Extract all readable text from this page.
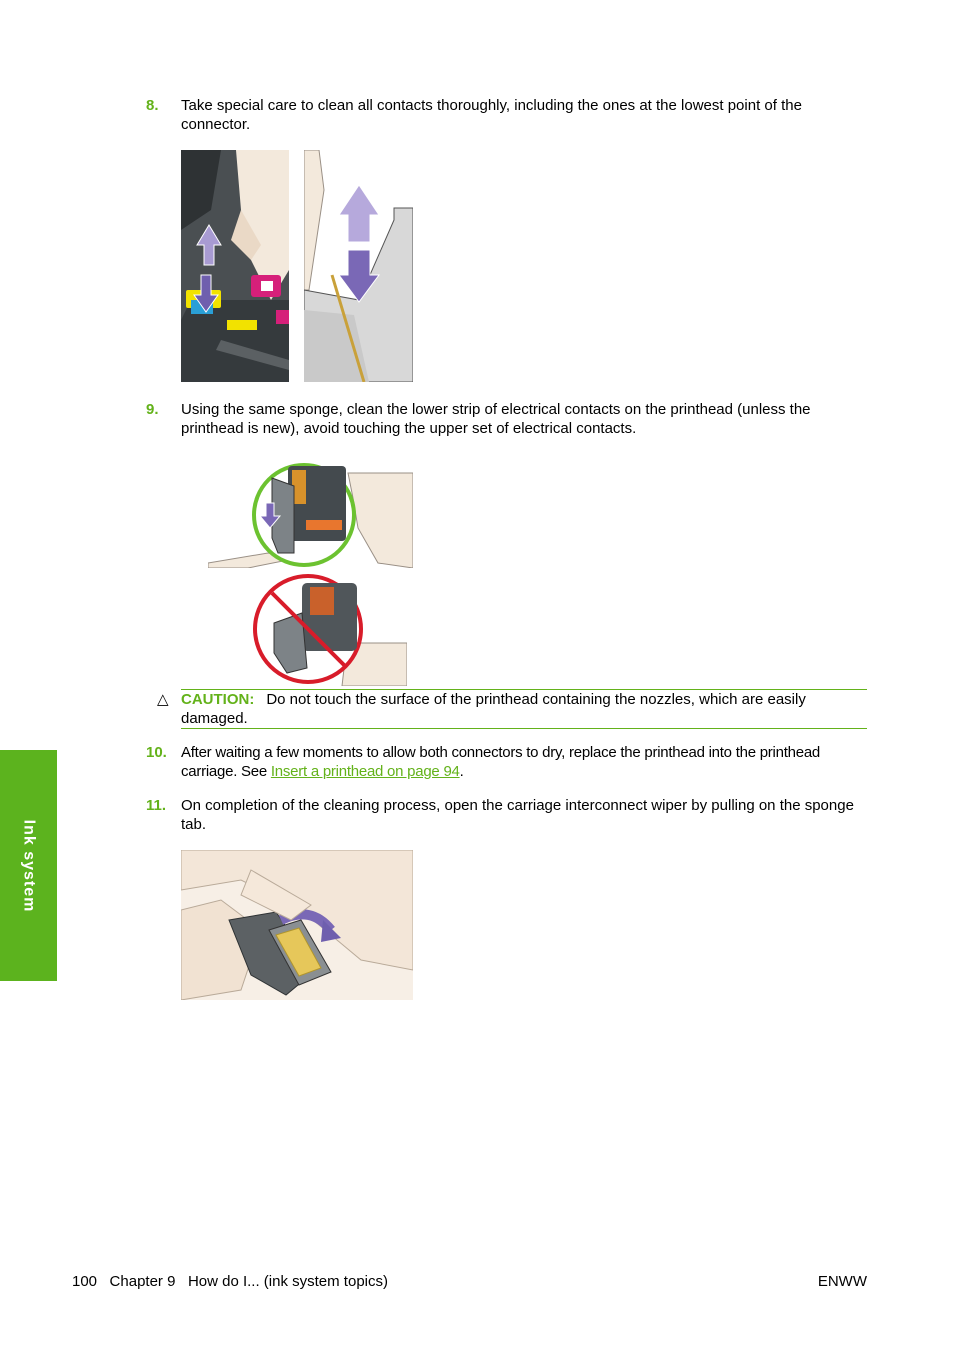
8. Take special care to clean all contacts thoroughly, including the ones at the lowest point of the connector.
9. Using the same sponge, clean the lower strip of electrical contacts on the printhead (unless the printhead is new), avoid touching the upper set of electrical contacts.
△ CAUTION: Do not touch the surface of the printhead containing the nozzles, which are easily damaged.
10. After waiting a few moments to allow both connectors to dry, replace the printhead into the printhead carriage. See Insert a printhead on page 94.
11. On completion of the cleaning process, open the carriage interconnect wiper by pulling on the sponge tab.
Ink system
100 Chapter 9 How do I... (ink system topics)	ENWW
